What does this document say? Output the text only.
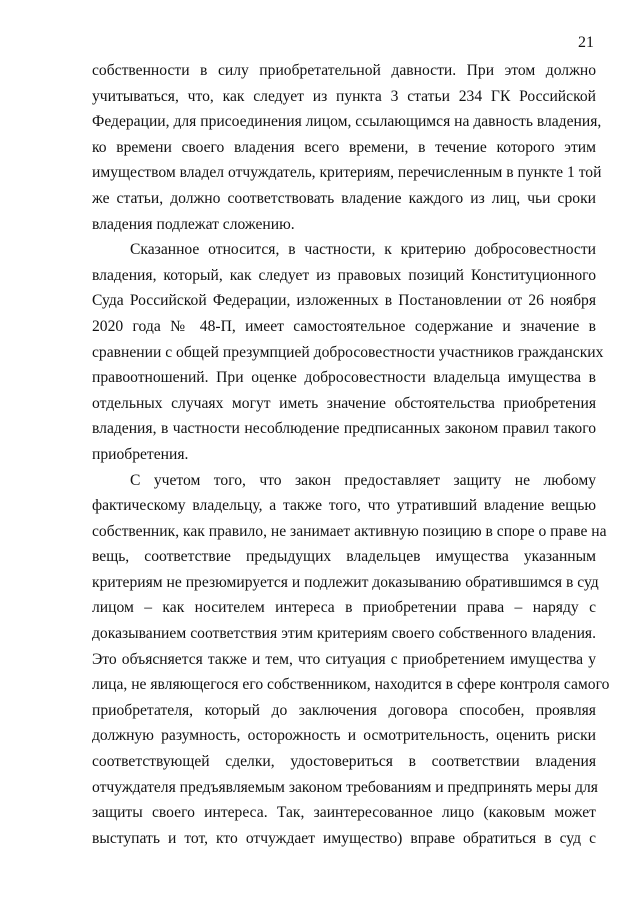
21
собственности в силу приобретательной давности. При этом должно
учитываться, что, как следует из пункта 3 статьи 234 ГК Российской
Федерации, для присоединения лицом, ссылающимся на давность владения,
ко времени своего владения всего времени, в течение которого этим
имуществом владел отчуждатель, критериям, перечисленным в пункте 1 той
же статьи, должно соответствовать владение каждого из лиц, чьи сроки
владения подлежат сложению.
Сказанное относится, в частности, к критерию добросовестности
владения, который, как следует из правовых позиций Конституционного
Суда Российской Федерации, изложенных в Постановлении от 26 ноября
2020 года № 48-П, имеет самостоятельное содержание и значение в
сравнении с общей презумпцией добросовестности участников гражданских
правоотношений. При оценке добросовестности владельца имущества в
отдельных случаях могут иметь значение обстоятельства приобретения
владения, в частности несоблюдение предписанных законом правил такого
приобретения.
С учетом того, что закон предоставляет защиту не любому
фактическому владельцу, а также того, что утративший владение вещью
собственник, как правило, не занимает активную позицию в споре о праве на
вещь, соответствие предыдущих владельцев имущества указанным
критериям не презюмируется и подлежит доказыванию обратившимся в суд
лицом – как носителем интереса в приобретении права – наряду с
доказыванием соответствия этим критериям своего собственного владения.
Это объясняется также и тем, что ситуация с приобретением имущества у
лица, не являющегося его собственником, находится в сфере контроля самого
приобретателя, который до заключения договора способен, проявляя
должную разумность, осторожность и осмотрительность, оценить риски
соответствующей сделки, удостовериться в соответствии владения
отчуждателя предъявляемым законом требованиям и предпринять меры для
защиты своего интереса. Так, заинтересованное лицо (каковым может
выступать и тот, кто отчуждает имущество) вправе обратиться в суд с
